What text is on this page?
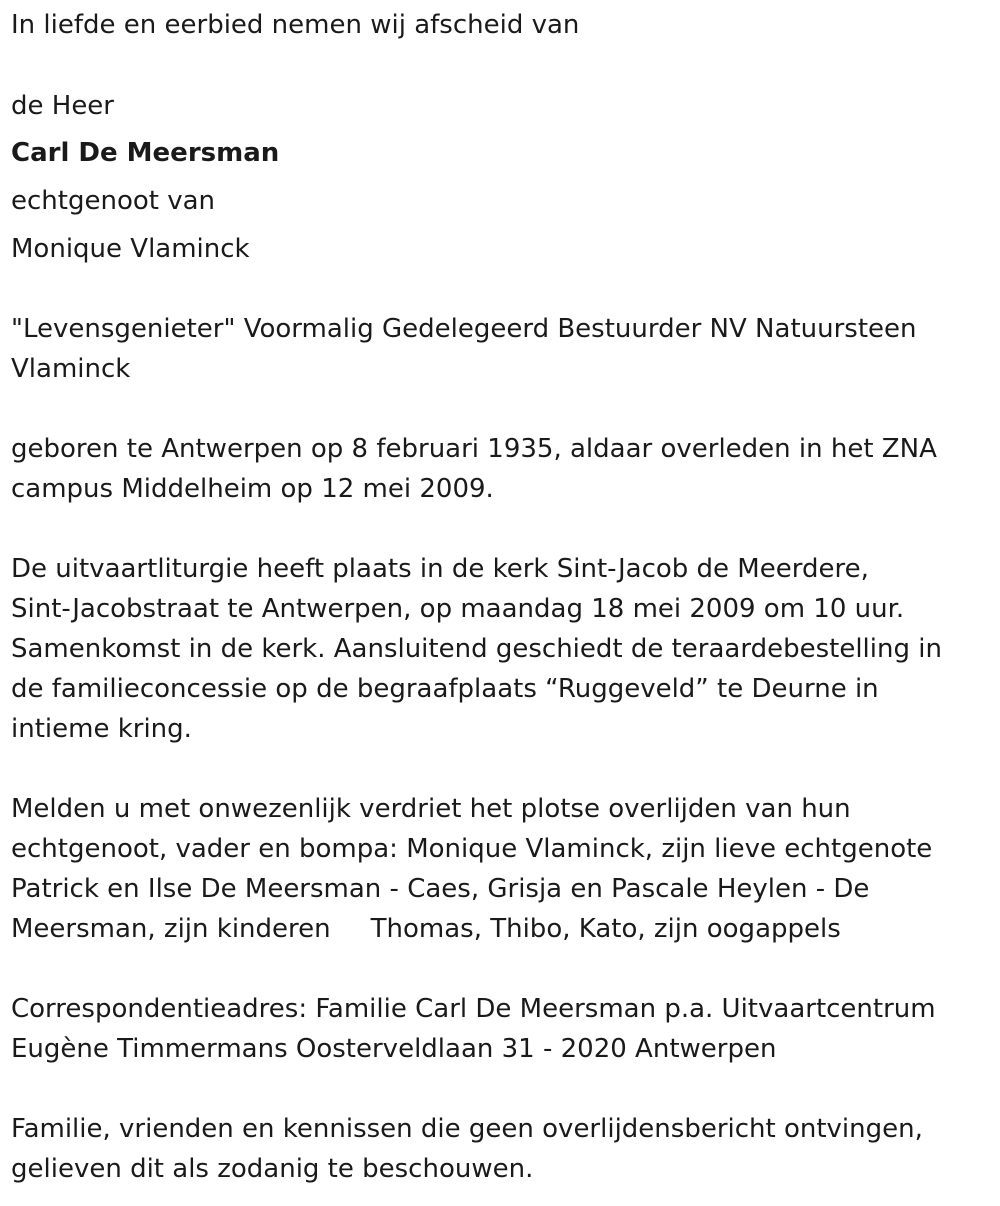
In liefde en eerbied nemen wij afscheid van
de Heer
Carl De Meersman
echtgenoot van
Monique Vlaminck
"Levensgenieter" Voormalig Gedelegeerd Bestuurder NV Natuursteen
Vlaminck
geboren te Antwerpen op 8 februari 1935, aldaar overleden in het ZNA
campus Middelheim op 12 mei 2009.
De uitvaartliturgie heeft plaats in de kerk Sint-Jacob de Meerdere,
Sint-Jacobstraat te Antwerpen, op maandag 18 mei 2009 om 10 uur.
Samenkomst in de kerk. Aansluitend geschiedt de teraardebestelling in
de familieconcessie op de begraafplaats “Ruggeveld” te Deurne in
intieme kring.
Melden u met onwezenlijk verdriet het plotse overlijden van hun
echtgenoot, vader en bompa: Monique Vlaminck, zijn lieve echtgenote
Patrick en Ilse De Meersman - Caes, Grisja en Pascale Heylen - De
Meersman, zijn kinderen Thomas, Thibo, Kato, zijn oogappels
Correspondentieadres: Familie Carl De Meersman p.a. Uitvaartcentrum
Eugène Timmermans Oosterveldlaan 31 - 2020 Antwerpen
Familie, vrienden en kennissen die geen overlijdensbericht ontvingen,
gelieven dit als zodanig te beschouwen.
